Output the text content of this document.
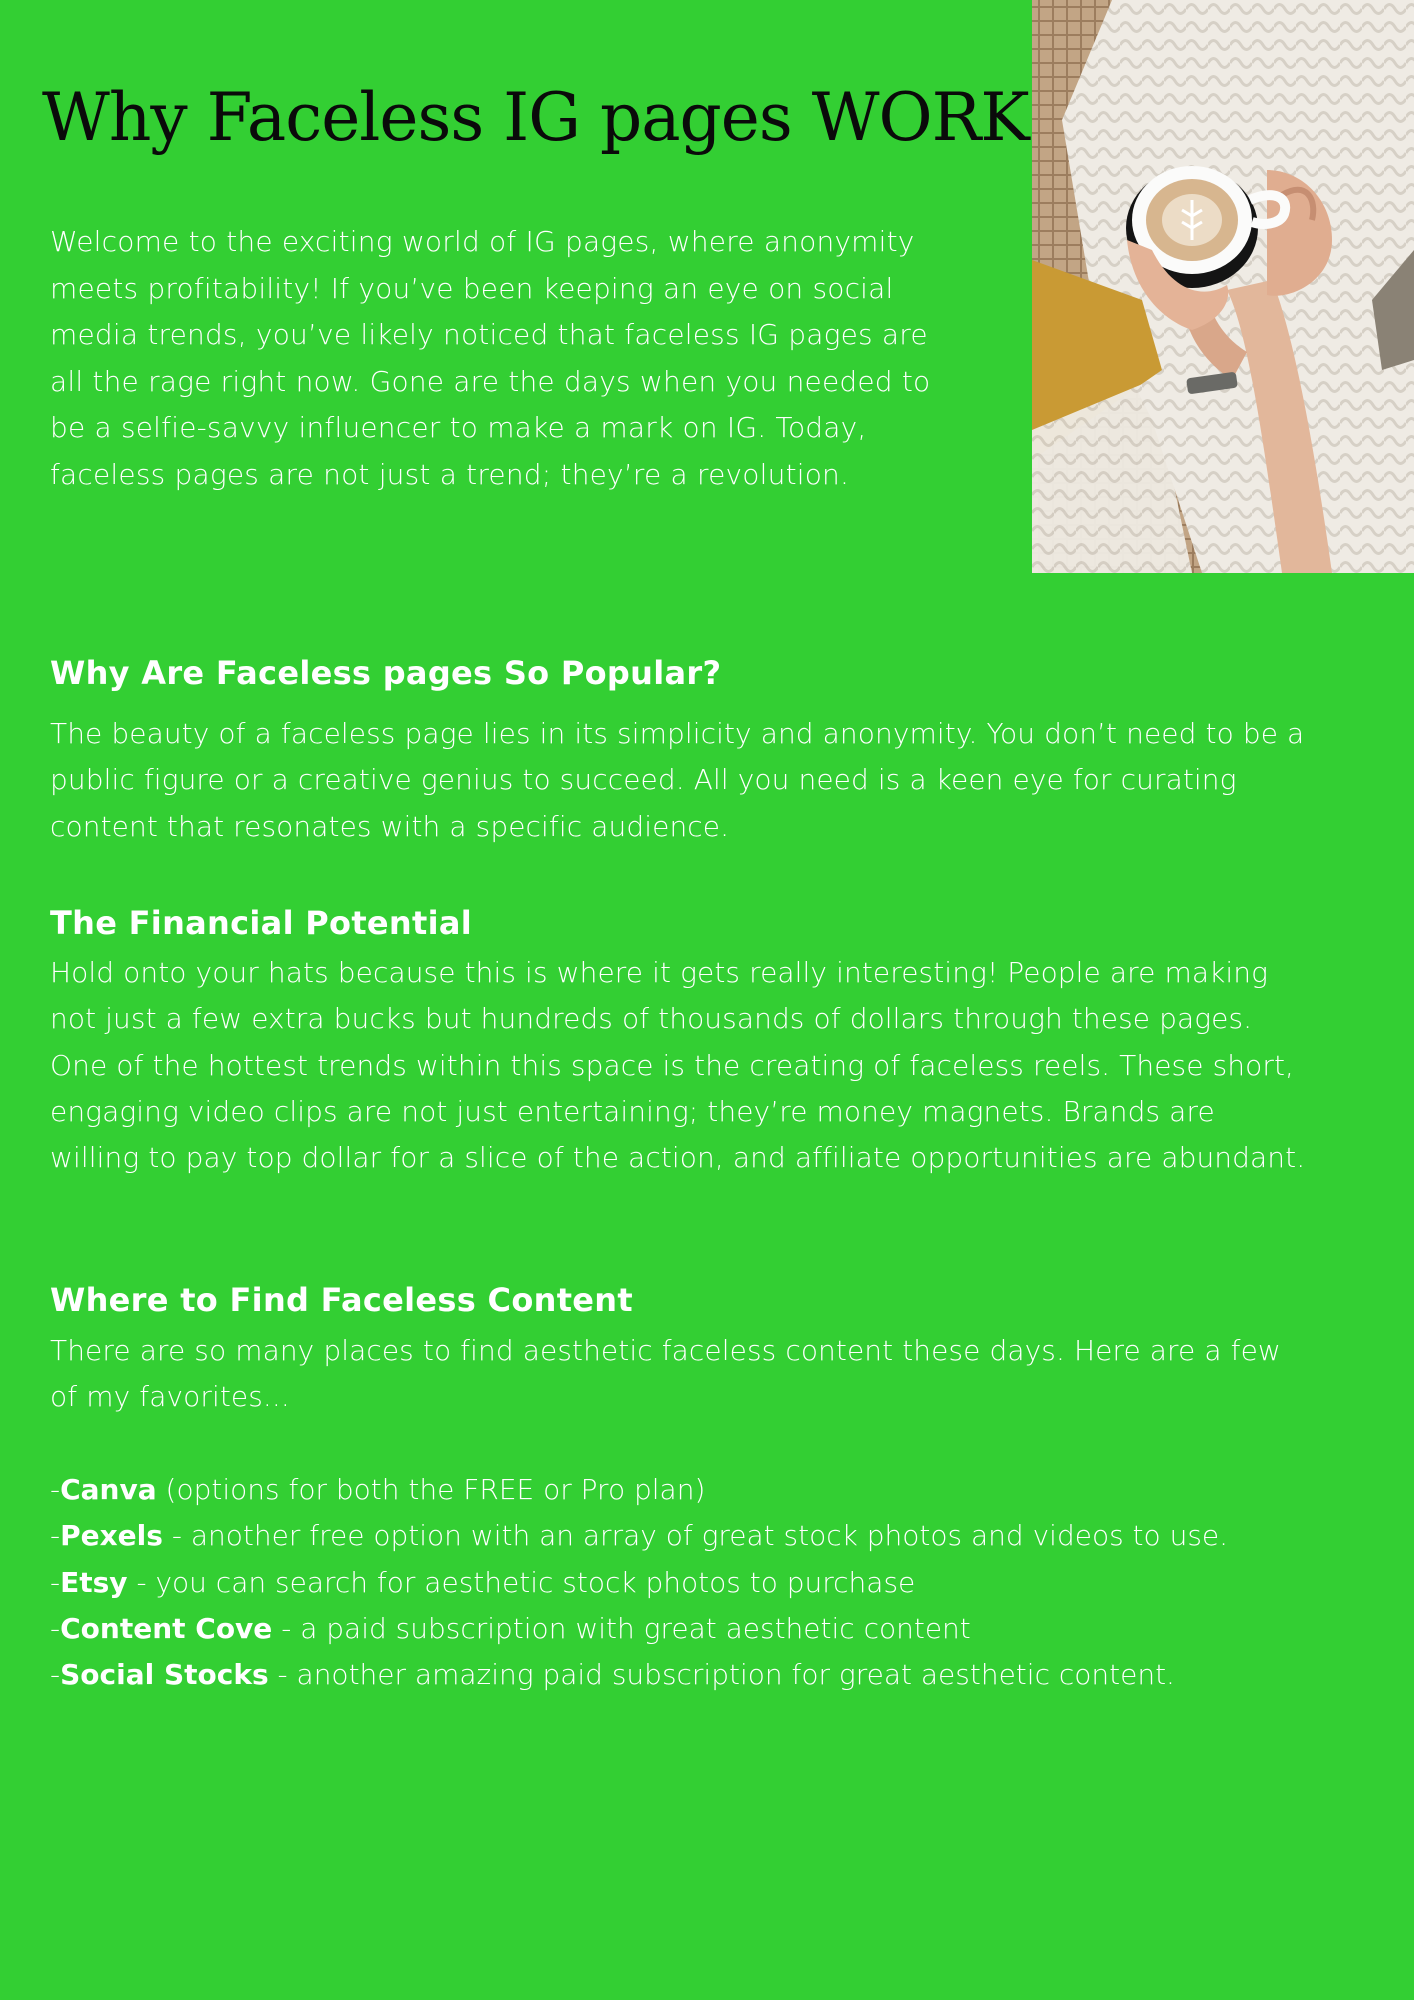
Why Faceless IG pages WORK

Welcome to the exciting world of IG pages, where anonymity meets profitability! If you’ve been keeping an eye on social media trends, you’ve likely noticed that faceless IG pages are all the rage right now. Gone are the days when you needed to be a selfie-savvy influencer to make a mark on IG. Today, faceless pages are not just a trend; they’re a revolution.

Why Are Faceless pages So Popular?

The beauty of a faceless page lies in its simplicity and anonymity. You don’t need to be a public figure or a creative genius to succeed. All you need is a keen eye for curating content that resonates with a specific audience.

The Financial Potential

Hold onto your hats because this is where it gets really interesting! People are making not just a few extra bucks but hundreds of thousands of dollars through these pages. One of the hottest trends within this space is the creating of faceless reels. These short, engaging video clips are not just entertaining; they’re money magnets. Brands are willing to pay top dollar for a slice of the action, and affiliate opportunities are abundant.

Where to Find Faceless Content

There are so many places to find aesthetic faceless content these days. Here are a few of my favorites...

-Canva (options for both the FREE or Pro plan)
-Pexels - another free option with an array of great stock photos and videos to use.
-Etsy - you can search for aesthetic stock photos to purchase
-Content Cove - a paid subscription with great aesthetic content
-Social Stocks - another amazing paid subscription for great aesthetic content.
